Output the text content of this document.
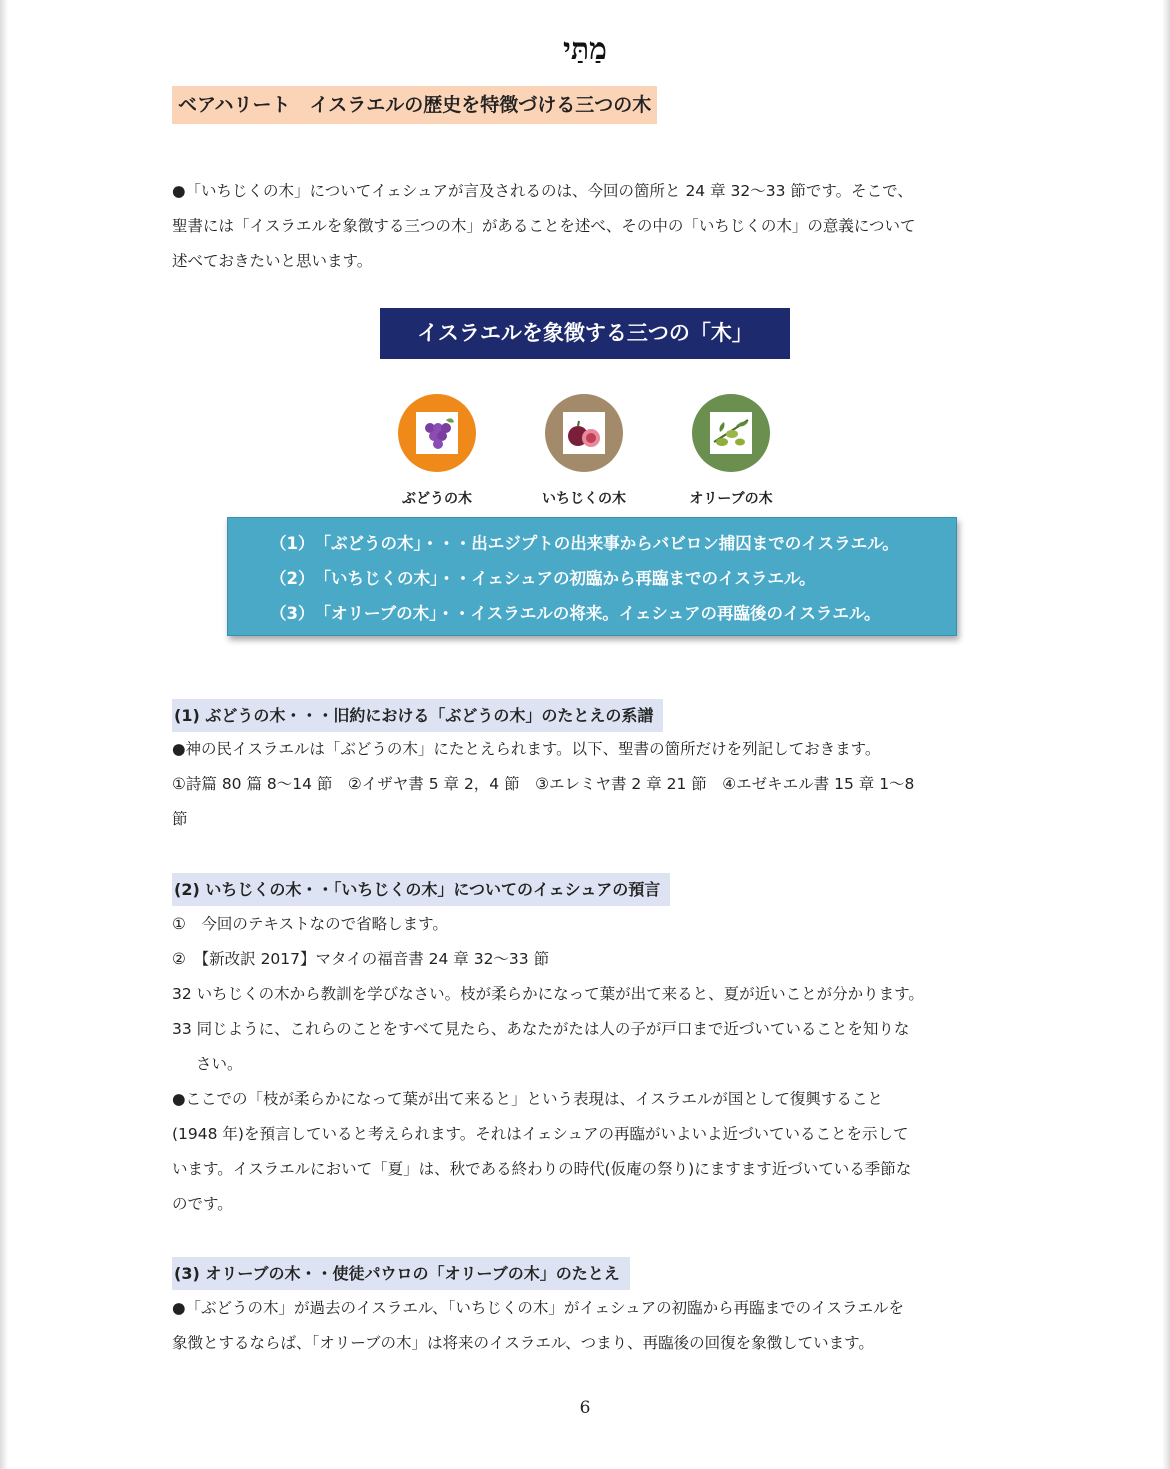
מַתַּי
ベアハリート　イスラエルの歴史を特徴づける三つの木
●「いちじくの木」についてイェシュアが言及されるのは、今回の箇所と 24 章 32～33 節です。そこで、
聖書には「イスラエルを象徴する三つの木」があることを述べ、その中の「いちじくの木」の意義について
述べておきたいと思います。
イスラエルを象徴する三つの「木」
ぶどうの木	いちじくの木	オリーブの木
（1）　「ぶどうの木」・・・出エジプトの出来事からバビロン捕囚までのイスラエル。
（2）　「いちじくの木」・・イェシュアの初臨から再臨までのイスラエル。
（3）　「オリーブの木」・・イスラエルの将来。イェシュアの再臨後のイスラエル。
(1) ぶどうの木・・・旧約における「ぶどうの木」のたとえの系譜
●神の民イスラエルは「ぶどうの木」にたとえられます。以下、聖書の箇所だけを列記しておきます。
①詩篇 80 篇 8～14 節　②イザヤ書 5 章 2，4 節　③エレミヤ書 2 章 21 節　④エゼキエル書 15 章 1～8
節
(2) いちじくの木・・「いちじくの木」についてのイェシュアの預言
①　今回のテキストなので省略します。
②　【新改訳 2017】マタイの福音書 24 章 32～33 節
32 いちじくの木から教訓を学びなさい。枝が柔らかになって葉が出て来ると、夏が近いことが分かります。
33 同じように、これらのことをすべて見たら、あなたがたは人の子が戸口まで近づいていることを知りな
さい。
●ここでの「枝が柔らかになって葉が出て来ると」という表現は、イスラエルが国として復興すること
(1948 年)を預言していると考えられます。それはイェシュアの再臨がいよいよ近づいていることを示して
います。イスラエルにおいて「夏」は、秋である終わりの時代(仮庵の祭り)にますます近づいている季節な
のです。
(3) オリーブの木・・使徒パウロの「オリーブの木」のたとえ
●「ぶどうの木」が過去のイスラエル、「いちじくの木」がイェシュアの初臨から再臨までのイスラエルを
象徴とするならば、「オリーブの木」は将来のイスラエル、つまり、再臨後の回復を象徴しています。
6
